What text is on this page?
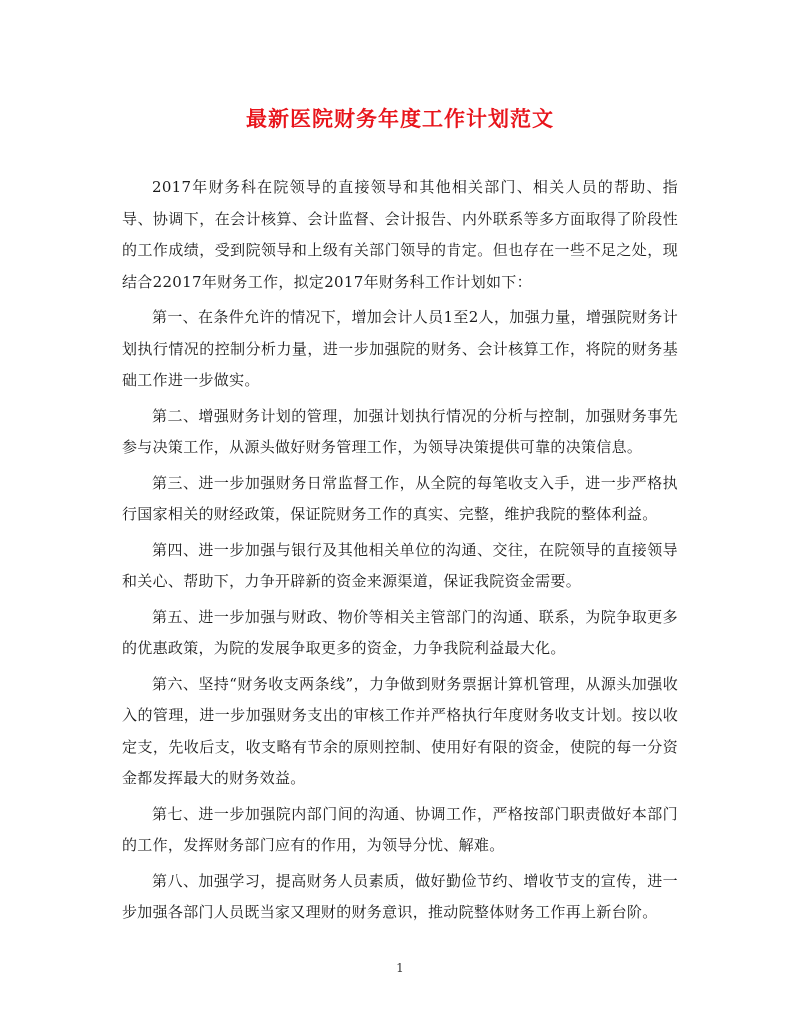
最新医院财务年度工作计划范文

2017年财务科在院领导的直接领导和其他相关部门、相关人员的帮助、指导、协调下，在会计核算、会计监督、会计报告、内外联系等多方面取得了阶段性的工作成绩，受到院领导和上级有关部门领导的肯定。但也存在一些不足之处，现结合22017年财务工作，拟定2017年财务科工作计划如下：

第一、在条件允许的情况下，增加会计人员1至2人，加强力量，增强院财务计划执行情况的控制分析力量，进一步加强院的财务、会计核算工作，将院的财务基础工作进一步做实。

第二、增强财务计划的管理，加强计划执行情况的分析与控制，加强财务事先参与决策工作，从源头做好财务管理工作，为领导决策提供可靠的决策信息。

第三、进一步加强财务日常监督工作，从全院的每笔收支入手，进一步严格执行国家相关的财经政策，保证院财务工作的真实、完整，维护我院的整体利益。

第四、进一步加强与银行及其他相关单位的沟通、交往，在院领导的直接领导和关心、帮助下，力争开辟新的资金来源渠道，保证我院资金需要。

第五、进一步加强与财政、物价等相关主管部门的沟通、联系，为院争取更多的优惠政策，为院的发展争取更多的资金，力争我院利益最大化。

第六、坚持“财务收支两条线”，力争做到财务票据计算机管理，从源头加强收入的管理，进一步加强财务支出的审核工作并严格执行年度财务收支计划。按以收定支，先收后支，收支略有节余的原则控制、使用好有限的资金，使院的每一分资金都发挥最大的财务效益。

第七、进一步加强院内部门间的沟通、协调工作，严格按部门职责做好本部门的工作，发挥财务部门应有的作用，为领导分忧、解难。

第八、加强学习，提高财务人员素质，做好勤俭节约、增收节支的宣传，进一步加强各部门人员既当家又理财的财务意识，推动院整体财务工作再上新台阶。

1
